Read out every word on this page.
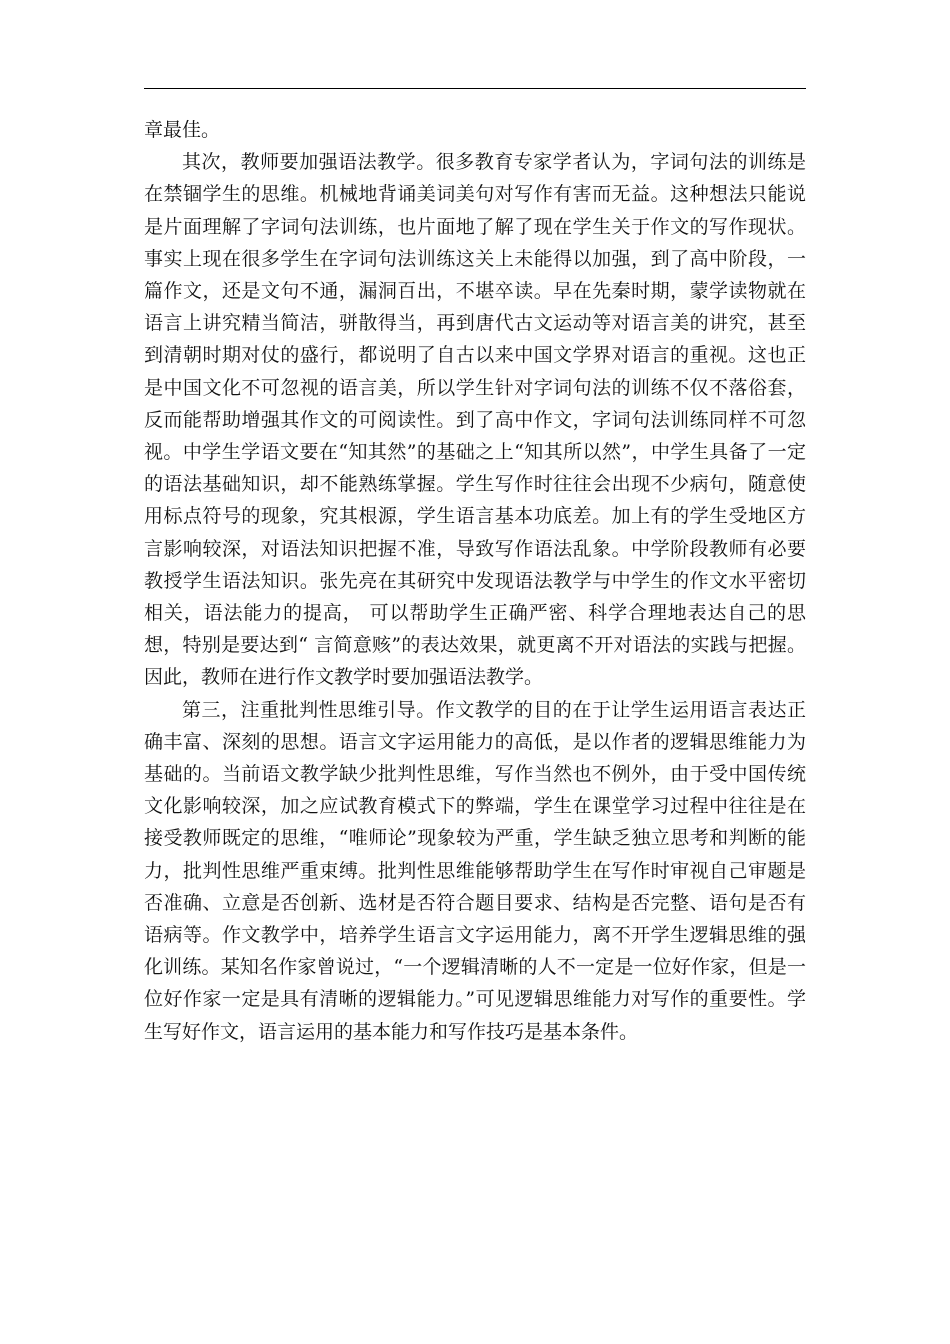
章最佳。

其次，教师要加强语法教学。很多教育专家学者认为，字词句法的训练是在禁锢学生的思维。机械地背诵美词美句对写作有害而无益。这种想法只能说是片面理解了字词句法训练，也片面地了解了现在学生关于作文的写作现状。事实上现在很多学生在字词句法训练这关上未能得以加强，到了高中阶段，一篇作文，还是文句不通，漏洞百出，不堪卒读。早在先秦时期，蒙学读物就在语言上讲究精当简洁，骈散得当，再到唐代古文运动等对语言美的讲究，甚至到清朝时期对仗的盛行，都说明了自古以来中国文学界对语言的重视。这也正是中国文化不可忽视的语言美，所以学生针对字词句法的训练不仅不落俗套，反而能帮助增强其作文的可阅读性。到了高中作文，字词句法训练同样不可忽视。中学生学语文要在“知其然”的基础之上“知其所以然”，中学生具备了一定的语法基础知识，却不能熟练掌握。学生写作时往往会出现不少病句，随意使用标点符号的现象，究其根源，学生语言基本功底差。加上有的学生受地区方言影响较深，对语法知识把握不准，导致写作语法乱象。中学阶段教师有必要教授学生语法知识。张先亮在其研究中发现语法教学与中学生的作文水平密切相关，语法能力的提高， 可以帮助学生正确严密、科学合理地表达自己的思想，特别是要达到“ 言简意赅”的表达效果，就更离不开对语法的实践与把握。因此，教师在进行作文教学时要加强语法教学。

第三，注重批判性思维引导。作文教学的目的在于让学生运用语言表达正确丰富、深刻的思想。语言文字运用能力的高低，是以作者的逻辑思维能力为基础的。当前语文教学缺少批判性思维，写作当然也不例外，由于受中国传统文化影响较深，加之应试教育模式下的弊端，学生在课堂学习过程中往往是在接受教师既定的思维，“唯师论”现象较为严重，学生缺乏独立思考和判断的能力，批判性思维严重束缚。批判性思维能够帮助学生在写作时审视自己审题是否准确、立意是否创新、选材是否符合题目要求、结构是否完整、语句是否有语病等。作文教学中，培养学生语言文字运用能力，离不开学生逻辑思维的强化训练。某知名作家曾说过，“一个逻辑清晰的人不一定是一位好作家，但是一位好作家一定是具有清晰的逻辑能力。”可见逻辑思维能力对写作的重要性。学生写好作文，语言运用的基本能力和写作技巧是基本条件。
